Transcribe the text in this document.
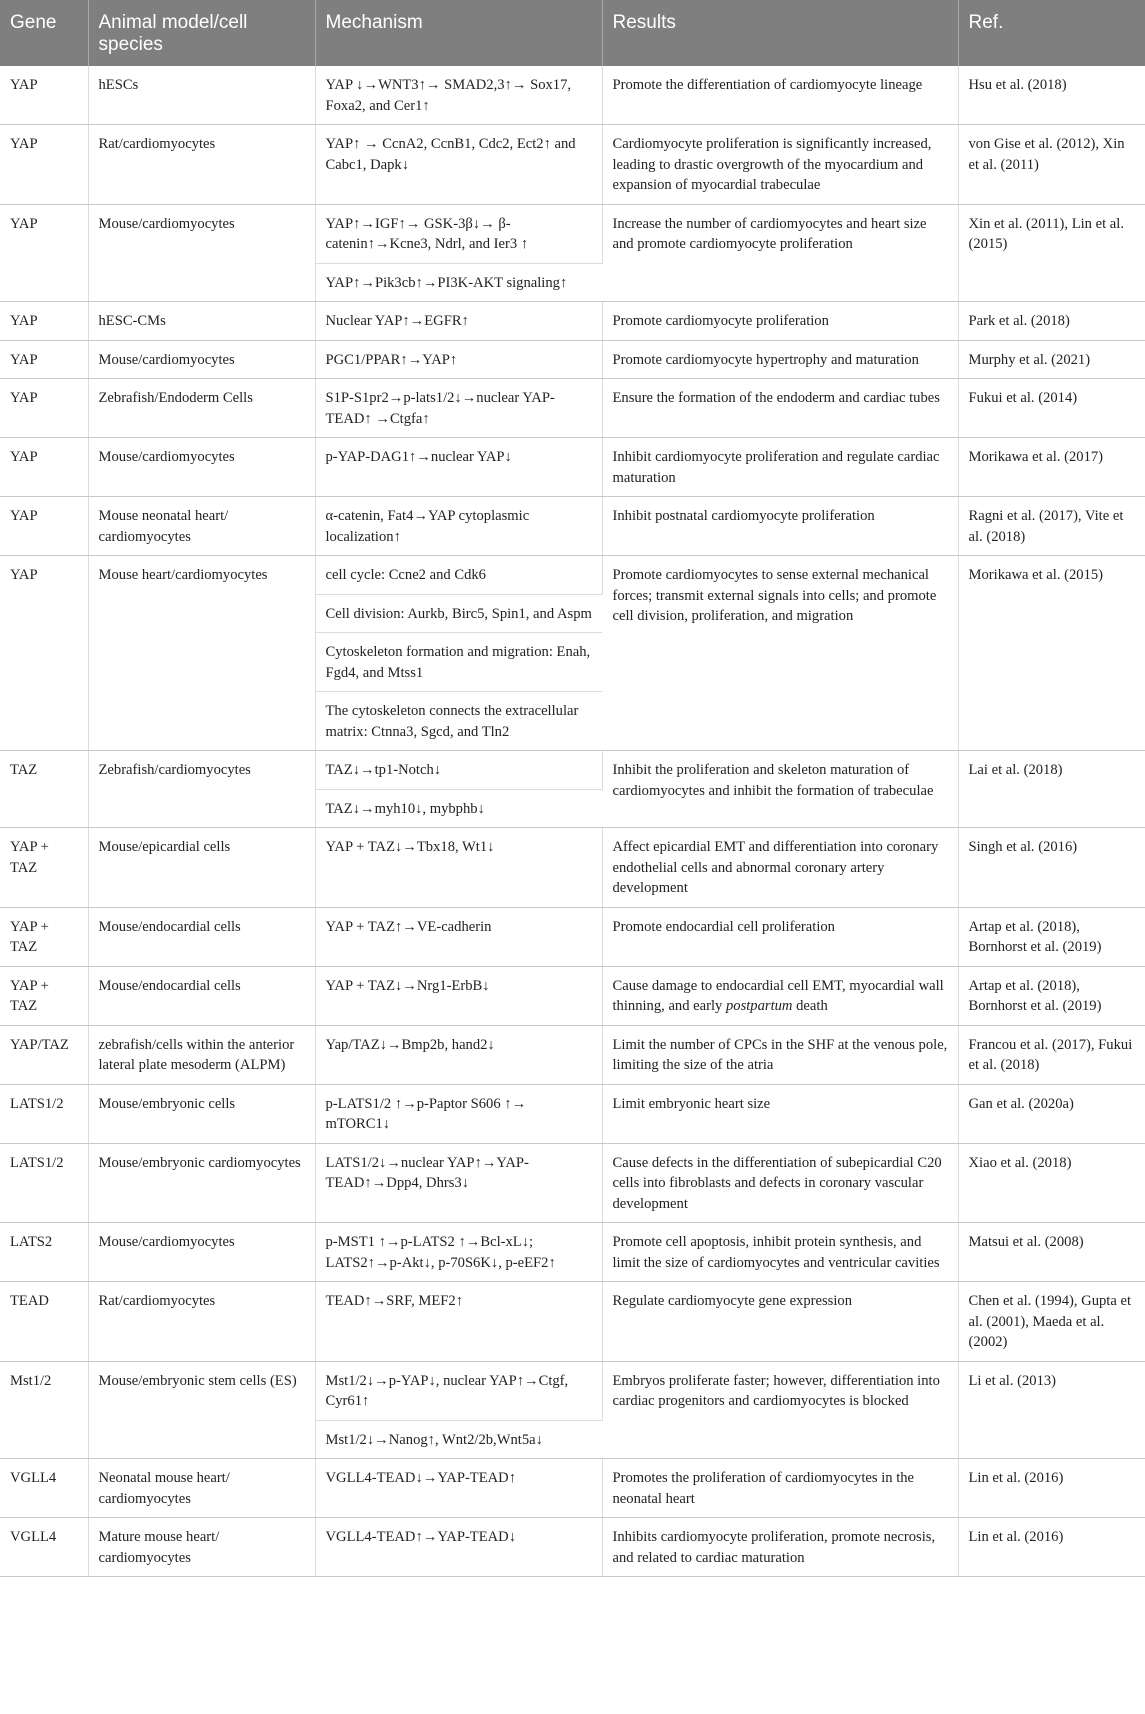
Gene	Animal model/cell species	Mechanism	Results	Ref.
YAP	hESCs	YAP ↓→WNT3↑→ SMAD2,3↑→ Sox17, Foxa2, and Cer1↑	Promote the differentiation of cardiomyocyte lineage	Hsu et al. (2018)
YAP	Rat/cardiomyocytes	YAP↑ → CcnA2, CcnB1, Cdc2, Ect2↑ and Cabc1, Dapk↓	Cardiomyocyte proliferation is significantly increased, leading to drastic overgrowth of the myocardium and expansion of myocardial trabeculae	von Gise et al. (2012), Xin et al. (2011)
YAP	Mouse/cardiomyocytes	YAP↑→IGF↑→ GSK-3β↓→ β-catenin↑→Kcne3, Ndrl, and Ier3 ↑	Increase the number of cardiomyocytes and heart size and promote cardiomyocyte proliferation	Xin et al. (2011), Lin et al. (2015)
		YAP↑→Pik3cb↑→PI3K-AKT signaling↑		
YAP	hESC-CMs	Nuclear YAP↑→EGFR↑	Promote cardiomyocyte proliferation	Park et al. (2018)
YAP	Mouse/cardiomyocytes	PGC1/PPAR↑→YAP↑	Promote cardiomyocyte hypertrophy and maturation	Murphy et al. (2021)
YAP	Zebrafish/Endoderm Cells	S1P-S1pr2→p-lats1/2↓→nuclear YAP-TEAD↑ →Ctgfa↑	Ensure the formation of the endoderm and cardiac tubes	Fukui et al. (2014)
YAP	Mouse/cardiomyocytes	p-YAP-DAG1↑→nuclear YAP↓	Inhibit cardiomyocyte proliferation and regulate cardiac maturation	Morikawa et al. (2017)
YAP	Mouse neonatal heart/ cardiomyocytes	α-catenin, Fat4→YAP cytoplasmic localization↑	Inhibit postnatal cardiomyocyte proliferation	Ragni et al. (2017), Vite et al. (2018)
YAP	Mouse heart/cardiomyocytes	cell cycle: Ccne2 and Cdk6	Promote cardiomyocytes to sense external mechanical forces; transmit external signals into cells; and promote cell division, proliferation, and migration	Morikawa et al. (2015)
		Cell division: Aurkb, Birc5, Spin1, and Aspm		
		Cytoskeleton formation and migration: Enah, Fgd4, and Mtss1		
		The cytoskeleton connects the extracellular matrix: Ctnna3, Sgcd, and Tln2		
TAZ	Zebrafish/cardiomyocytes	TAZ↓→tp1-Notch↓	Inhibit the proliferation and skeleton maturation of cardiomyocytes and inhibit the formation of trabeculae	Lai et al. (2018)
		TAZ↓→myh10↓, mybphb↓		
YAP + TAZ	Mouse/epicardial cells	YAP + TAZ↓→Tbx18, Wt1↓	Affect epicardial EMT and differentiation into coronary endothelial cells and abnormal coronary artery development	Singh et al. (2016)
YAP + TAZ	Mouse/endocardial cells	YAP + TAZ↑→VE-cadherin	Promote endocardial cell proliferation	Artap et al. (2018), Bornhorst et al. (2019)
YAP + TAZ	Mouse/endocardial cells	YAP + TAZ↓→Nrg1-ErbB↓	Cause damage to endocardial cell EMT, myocardial wall thinning, and early postpartum death	Artap et al. (2018), Bornhorst et al. (2019)
YAP/TAZ	zebrafish/cells within the anterior lateral plate mesoderm (ALPM)	Yap/TAZ↓→Bmp2b, hand2↓	Limit the number of CPCs in the SHF at the venous pole, limiting the size of the atria	Francou et al. (2017), Fukui et al. (2018)
LATS1/2	Mouse/embryonic cells	p-LATS1/2 ↑→p-Paptor S606 ↑→ mTORC1↓	Limit embryonic heart size	Gan et al. (2020a)
LATS1/2	Mouse/embryonic cardiomyocytes	LATS1/2↓→nuclear YAP↑→YAP-TEAD↑→Dpp4, Dhrs3↓	Cause defects in the differentiation of subepicardial C20 cells into fibroblasts and defects in coronary vascular development	Xiao et al. (2018)
LATS2	Mouse/cardiomyocytes	p-MST1 ↑→p-LATS2 ↑→Bcl-xL↓; LATS2↑→p-Akt↓, p-70S6K↓, p-eEF2↑	Promote cell apoptosis, inhibit protein synthesis, and limit the size of cardiomyocytes and ventricular cavities	Matsui et al. (2008)
TEAD	Rat/cardiomyocytes	TEAD↑→SRF, MEF2↑	Regulate cardiomyocyte gene expression	Chen et al. (1994), Gupta et al. (2001), Maeda et al. (2002)
Mst1/2	Mouse/embryonic stem cells (ES)	Mst1/2↓→p-YAP↓, nuclear YAP↑→Ctgf, Cyr61↑	Embryos proliferate faster; however, differentiation into cardiac progenitors and cardiomyocytes is blocked	Li et al. (2013)
		Mst1/2↓→Nanog↑, Wnt2/2b,Wnt5a↓		
VGLL4	Neonatal mouse heart/ cardiomyocytes	VGLL4-TEAD↓→YAP-TEAD↑	Promotes the proliferation of cardiomyocytes in the neonatal heart	Lin et al. (2016)
VGLL4	Mature mouse heart/ cardiomyocytes	VGLL4-TEAD↑→YAP-TEAD↓	Inhibits cardiomyocyte proliferation, promote necrosis, and related to cardiac maturation	Lin et al. (2016)
